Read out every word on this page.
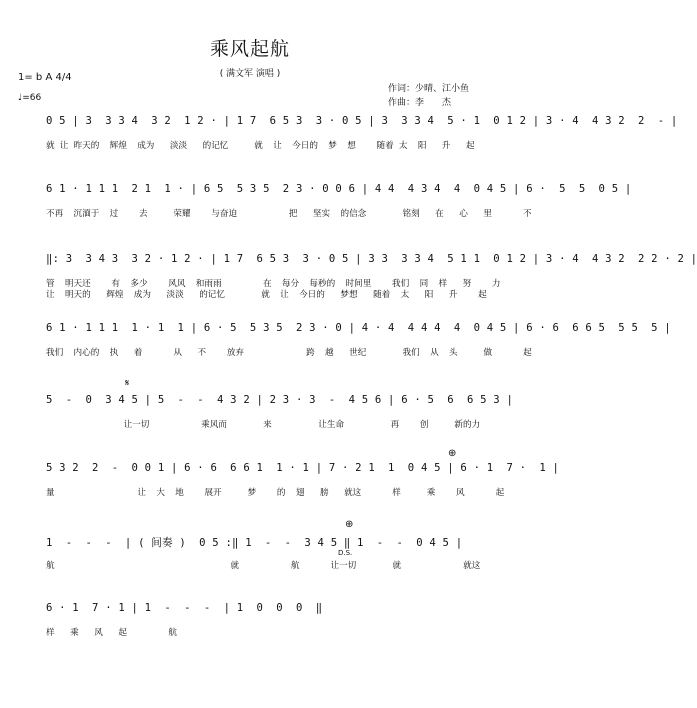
乘风起航
( 满文军 演唱 )
作词：少晴、江小鱼
作曲：李　　杰
1= b A 4/4
♩=66
0 5 | 3  3 3 4  3 2  1 2 · | 1 7  6 5 3  3 · 0 5 | 3  3 3 4  5 · 1  0 1 2 | 3 · 4  4 3 2  2  - |
就 让 昨天的  辉煌  成为   淡淡   的记忆     就  让  今日的  梦  想    随着 太  阳   升   起
6 1 · 1 1 1  2 1  1 · | 6 5  5 3 5  2 3 · 0 0 6 | 4 4  4 3 4  4  0 4 5 | 6 ·  5  5  0 5 |
不再  沉湎于  过    去     荣耀    与奋迫          把   坚实  的信念       铭刻   在   心   里      不
‖: 3  3 4 3  3 2 · 1 2 · | 1 7  6 5 3  3 · 0 5 | 3 3  3 3 4  5 1 1  0 1 2 | 3 · 4  4 3 2  2 2 · 2 |
管  明天还    有  多少    风风  和雨雨        在  每分  每秒的  时间里    我们  同  样   努    力
让  明天的   辉煌  成为   淡淡   的记忆       就  让  今日的   梦想   随着  太   阳   升    起
6 1 · 1 1 1  1 · 1  1 | 6 · 5  5 3 5  2 3 · 0 | 4 · 4  4 4 4  4  0 4 5 | 6 · 6  6 6 5  5 5  5 |
我们  内心的  执   着      从   不    放弃            跨  越   世纪       我们  从  头     做      起
𝄋
5  -  0  3 4 5 | 5  -  -  4 3 2 | 2 3 · 3  -  4 5 6 | 6 · 5  6  6 5 3 |
让一切          乘风而       来         让生命         再    创     新的力
⊕
5 3 2  2  -  0 0 1 | 6 · 6  6 6 1  1 · 1 | 7 · 2 1  1  0 4 5 | 6 · 1  7 ·  1 |
量                让  大  地    展开     梦    的  翅   膀   就这      样     乘    风      起
⊕
1  -  -  -  | ( 间奏 )  0 5 :‖ 1  -  -  3 4 5 ‖ 1  -  -  0 4 5 |
D.S.
航                                  就          航      让一切       就            就这
6 · 1  7 · 1 | 1  -  -  -  | 1  0  0  0  ‖
样   乘   风   起        航
